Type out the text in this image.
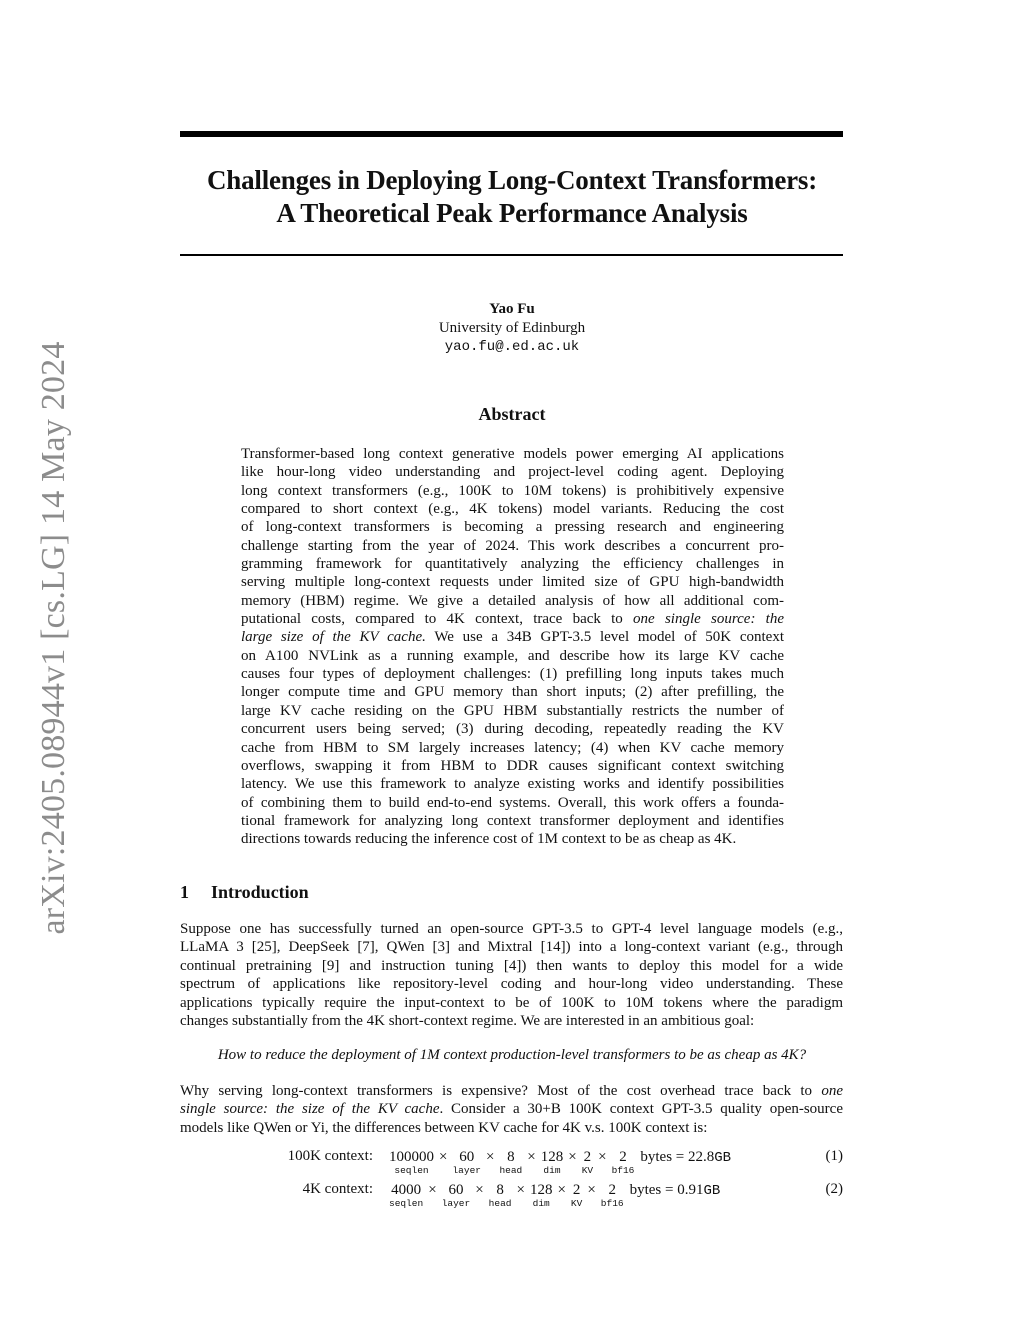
arXiv:2405.08944v1 [cs.LG] 14 May 2024
Challenges in Deploying Long-Context Transformers:
A Theoretical Peak Performance Analysis
Yao Fu
University of Edinburgh
yao.fu@.ed.ac.uk
Abstract
Transformer-based long context generative models power emerging AI applications
like hour-long video understanding and project-level coding agent. Deploying
long context transformers (e.g., 100K to 10M tokens) is prohibitively expensive
compared to short context (e.g., 4K tokens) model variants. Reducing the cost
of long-context transformers is becoming a pressing research and engineering
challenge starting from the year of 2024. This work describes a concurrent pro-
gramming framework for quantitatively analyzing the efficiency challenges in
serving multiple long-context requests under limited size of GPU high-bandwidth
memory (HBM) regime. We give a detailed analysis of how all additional com-
putational costs, compared to 4K context, trace back to one single source: the
large size of the KV cache. We use a 34B GPT-3.5 level model of 50K context
on A100 NVLink as a running example, and describe how its large KV cache
causes four types of deployment challenges: (1) prefilling long inputs takes much
longer compute time and GPU memory than short inputs; (2) after prefilling, the
large KV cache residing on the GPU HBM substantially restricts the number of
concurrent users being served; (3) during decoding, repeatedly reading the KV
cache from HBM to SM largely increases latency; (4) when KV cache memory
overflows, swapping it from HBM to DDR causes significant context switching
latency. We use this framework to analyze existing works and identify possibilities
of combining them to build end-to-end systems. Overall, this work offers a founda-
tional framework for analyzing long context transformer deployment and identifies
directions towards reducing the inference cost of 1M context to be as cheap as 4K.
1 Introduction
Suppose one has successfully turned an open-source GPT-3.5 to GPT-4 level language models (e.g.,
LLaMA 3 [25], DeepSeek [7], QWen [3] and Mixtral [14]) into a long-context variant (e.g., through
continual pretraining [9] and instruction tuning [4]) then wants to deploy this model for a wide
spectrum of applications like repository-level coding and hour-long video understanding. These
applications typically require the input-context to be of 100K to 10M tokens where the paradigm
changes substantially from the 4K short-context regime. We are interested in an ambitious goal:
How to reduce the deployment of 1M context production-level transformers to be as cheap as 4K?
Why serving long-context transformers is expensive? Most of the cost overhead trace back to one
single source: the size of the KV cache. Consider a 30+B 100K context GPT-3.5 quality open-source
models like QWen or Yi, the differences between KV cache for 4K v.s. 100K context is:
100K context: 100000
seqlen
× 60
layer
× 8
head
× 128
dim
× 2
KV
× 2
bf16
bytes = 22.8GB	(1)
4K context: 4000
seqlen
× 60
layer
× 8
head
× 128
dim
× 2
KV
× 2
bf16
bytes = 0.91GB	(2)
